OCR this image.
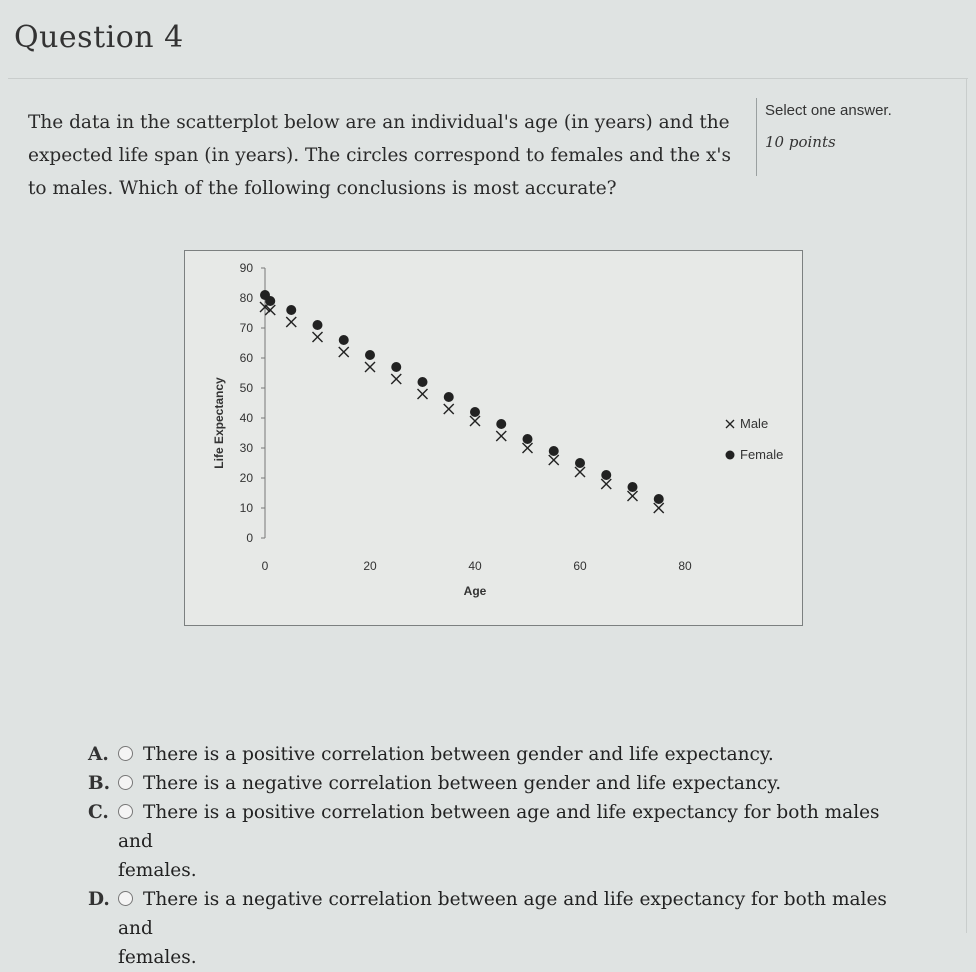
Question 4
The data in the scatterplot below are an individual's age (in years) and the expected life span (in years). The circles correspond to females and the x's to males. Which of the following conclusions is most accurate?
Select one answer.
10 points
0
10
20
30
40
50
60
70
80
90
0	20	40	60	80
Age
Life Expectancy	Male
Female
A. There is a positive correlation between gender and life expectancy.
B. There is a negative correlation between gender and life expectancy.
C. There is a positive correlation between age and life expectancy for both males and
females.
D. There is a negative correlation between age and life expectancy for both males and
females.
